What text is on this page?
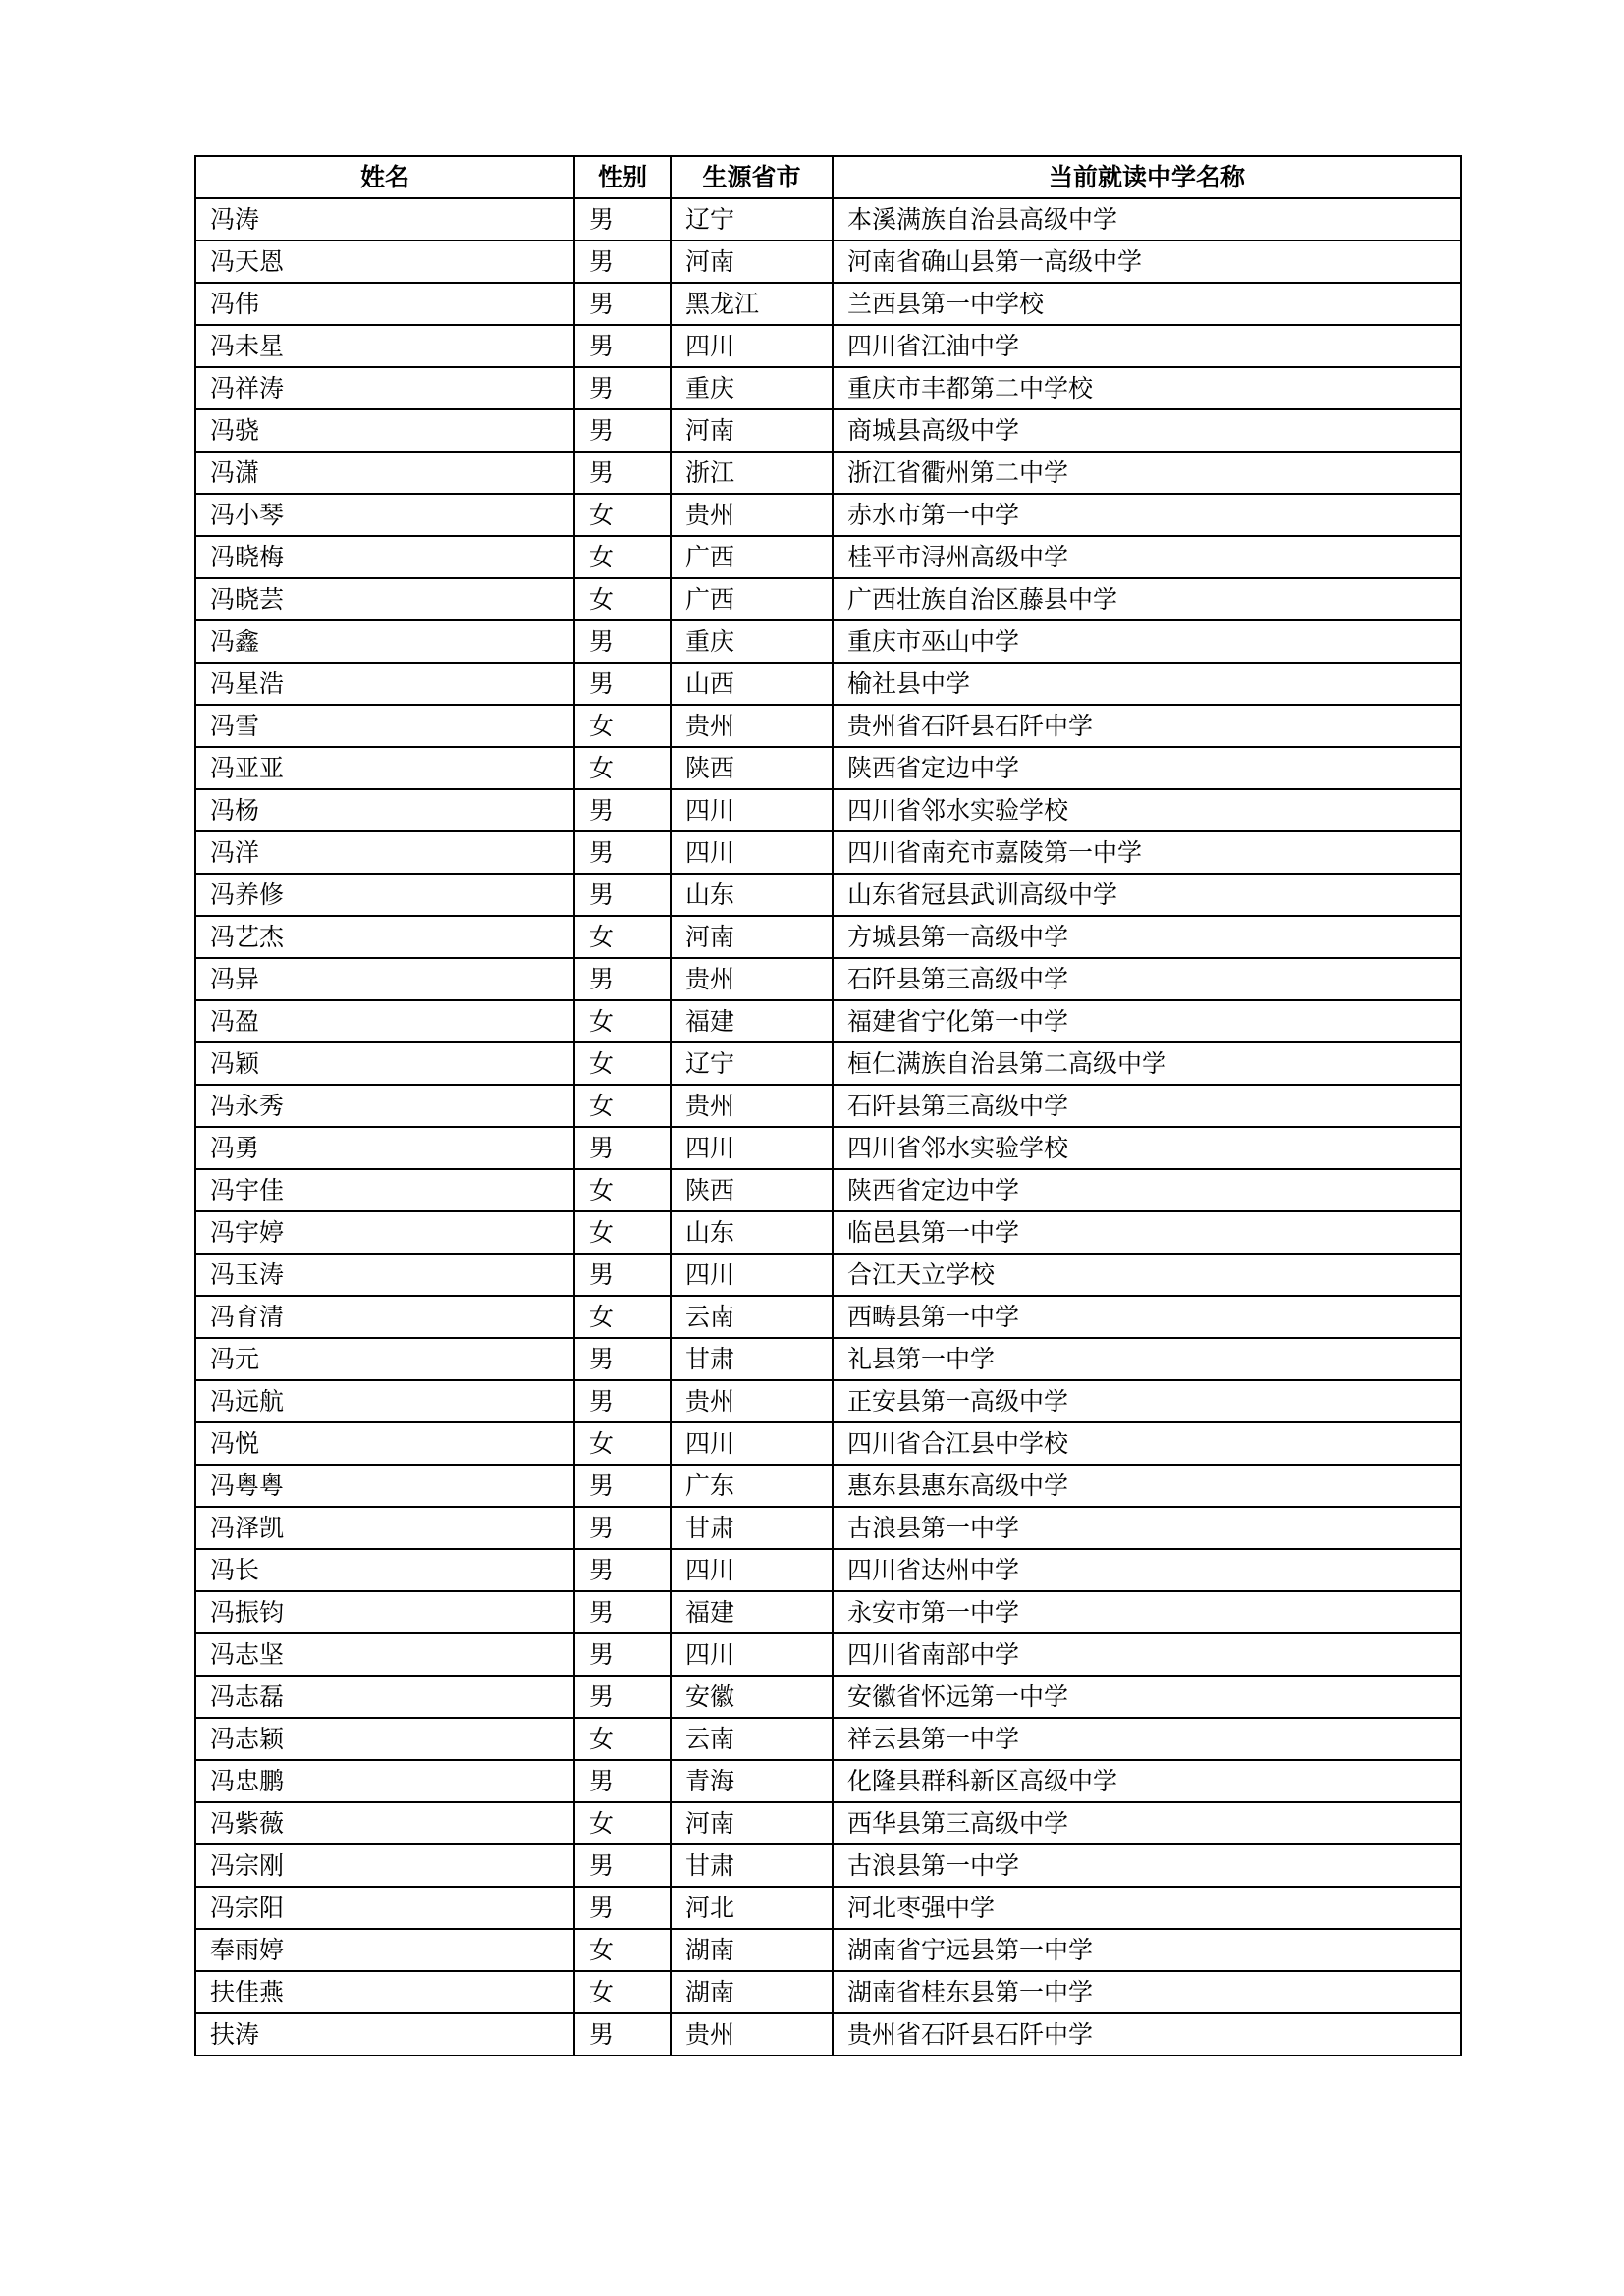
姓名	性别	生源省市	当前就读中学名称
冯涛	男	辽宁	本溪满族自治县高级中学
冯天恩	男	河南	河南省确山县第一高级中学
冯伟	男	黑龙江	兰西县第一中学校
冯未星	男	四川	四川省江油中学
冯祥涛	男	重庆	重庆市丰都第二中学校
冯骁	男	河南	商城县高级中学
冯潇	男	浙江	浙江省衢州第二中学
冯小琴	女	贵州	赤水市第一中学
冯晓梅	女	广西	桂平市浔州高级中学
冯晓芸	女	广西	广西壮族自治区藤县中学
冯鑫	男	重庆	重庆市巫山中学
冯星浩	男	山西	榆社县中学
冯雪	女	贵州	贵州省石阡县石阡中学
冯亚亚	女	陕西	陕西省定边中学
冯杨	男	四川	四川省邻水实验学校
冯洋	男	四川	四川省南充市嘉陵第一中学
冯养修	男	山东	山东省冠县武训高级中学
冯艺杰	女	河南	方城县第一高级中学
冯异	男	贵州	石阡县第三高级中学
冯盈	女	福建	福建省宁化第一中学
冯颖	女	辽宁	桓仁满族自治县第二高级中学
冯永秀	女	贵州	石阡县第三高级中学
冯勇	男	四川	四川省邻水实验学校
冯宇佳	女	陕西	陕西省定边中学
冯宇婷	女	山东	临邑县第一中学
冯玉涛	男	四川	合江天立学校
冯育清	女	云南	西畴县第一中学
冯元	男	甘肃	礼县第一中学
冯远航	男	贵州	正安县第一高级中学
冯悦	女	四川	四川省合江县中学校
冯粤粤	男	广东	惠东县惠东高级中学
冯泽凯	男	甘肃	古浪县第一中学
冯长	男	四川	四川省达州中学
冯振钧	男	福建	永安市第一中学
冯志坚	男	四川	四川省南部中学
冯志磊	男	安徽	安徽省怀远第一中学
冯志颖	女	云南	祥云县第一中学
冯忠鹏	男	青海	化隆县群科新区高级中学
冯紫薇	女	河南	西华县第三高级中学
冯宗刚	男	甘肃	古浪县第一中学
冯宗阳	男	河北	河北枣强中学
奉雨婷	女	湖南	湖南省宁远县第一中学
扶佳燕	女	湖南	湖南省桂东县第一中学
扶涛	男	贵州	贵州省石阡县石阡中学
